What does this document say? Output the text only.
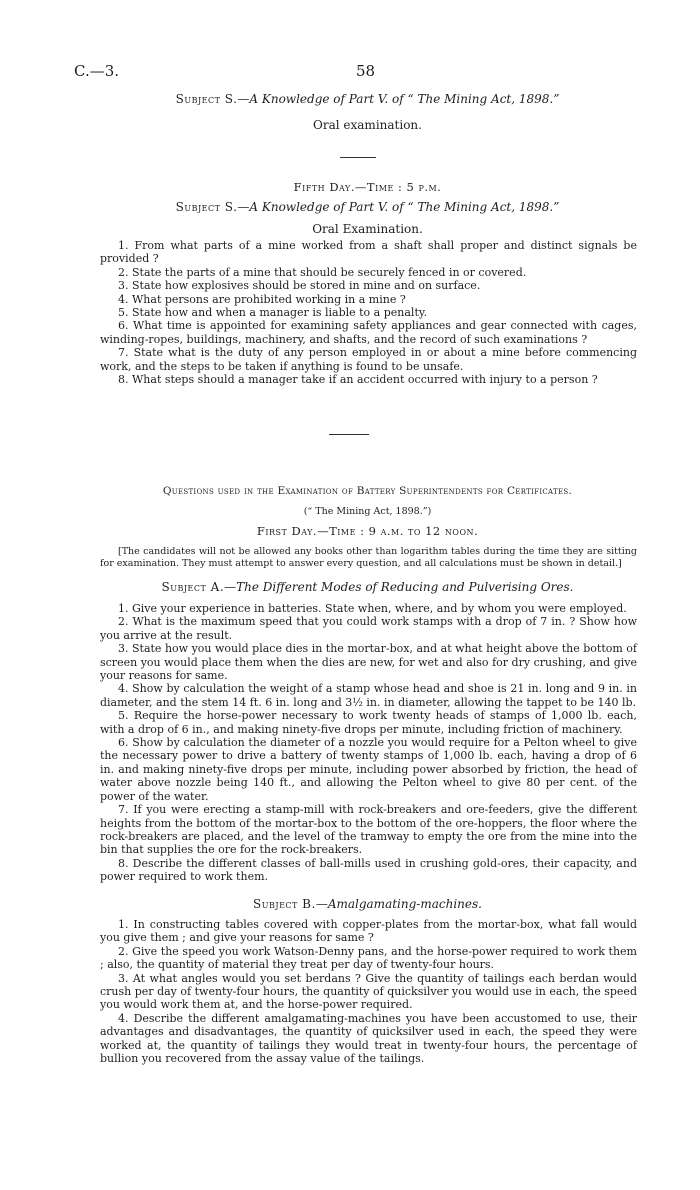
C.—3.	58
Subject S.—A Knowledge of Part V. of “ The Mining Act, 1898.”
Oral examination.
Fifth Day.—Time : 5 p.m.
Subject S.—A Knowledge of Part V. of “ The Mining Act, 1898.”
Oral Examination.

1. From what parts of a mine worked from a shaft shall proper and distinct signals be provided ?

2. State the parts of a mine that should be securely fenced in or covered.

3. State how explosives should be stored in mine and on surface.

4. What persons are prohibited working in a mine ?

5. State how and when a manager is liable to a penalty.

6. What time is appointed for examining safety appliances and gear connected with cages, winding-ropes, buildings, machinery, and shafts, and the record of such examinations ?

7. State what is the duty of any person employed in or about a mine before commencing work, and the steps to be taken if anything is found to be unsafe.

8. What steps should a manager take if an accident occurred with injury to a person ?

Questions used in the Examination of Battery Superintendents for Certificates.
(“ The Mining Act, 1898.”)
First Day.—Time : 9 a.m. to 12 noon.
[The candidates will not be allowed any books other than logarithm tables during the time they are sitting for examination. They must attempt to answer every question, and all calculations must be shown in detail.]
Subject A.—The Different Modes of Reducing and Pulverising Ores.

1. Give your experience in batteries. State when, where, and by whom you were employed.

2. What is the maximum speed that you could work stamps with a drop of 7 in. ? Show how you arrive at the result.

3. State how you would place dies in the mortar-box, and at what height above the bottom of screen you would place them when the dies are new, for wet and also for dry crushing, and give your reasons for same.

4. Show by calculation the weight of a stamp whose head and shoe is 21 in. long and 9 in. in diameter, and the stem 14 ft. 6 in. long and 3½ in. in diameter, allowing the tappet to be 140 lb.

5. Require the horse-power necessary to work twenty heads of stamps of 1,000 lb. each, with a drop of 6 in., and making ninety-five drops per minute, including friction of machinery.

6. Show by calculation the diameter of a nozzle you would require for a Pelton wheel to give the necessary power to drive a battery of twenty stamps of 1,000 lb. each, having a drop of 6 in. and making ninety-five drops per minute, including power absorbed by friction, the head of water above nozzle being 140 ft., and allowing the Pelton wheel to give 80 per cent. of the power of the water.

7. If you were erecting a stamp-mill with rock-breakers and ore-feeders, give the different heights from the bottom of the mortar-box to the bottom of the ore-hoppers, the floor where the rock-breakers are placed, and the level of the tramway to empty the ore from the mine into the bin that supplies the ore for the rock-breakers.

8. Describe the different classes of ball-mills used in crushing gold-ores, their capacity, and power required to work them.

Subject B.—Amalgamating-machines.

1. In constructing tables covered with copper-plates from the mortar-box, what fall would you give them ; and give your reasons for same ?

2. Give the speed you work Watson-Denny pans, and the horse-power required to work them ; also, the quantity of material they treat per day of twenty-four hours.

3. At what angles would you set berdans ? Give the quantity of tailings each berdan would crush per day of twenty-four hours, the quantity of quicksilver you would use in each, the speed you would work them at, and the horse-power required.

4. Describe the different amalgamating-machines you have been accustomed to use, their advantages and disadvantages, the quantity of quicksilver used in each, the speed they were worked at, the quantity of tailings they would treat in twenty-four hours, the percentage of bullion you recovered from the assay value of the tailings.
